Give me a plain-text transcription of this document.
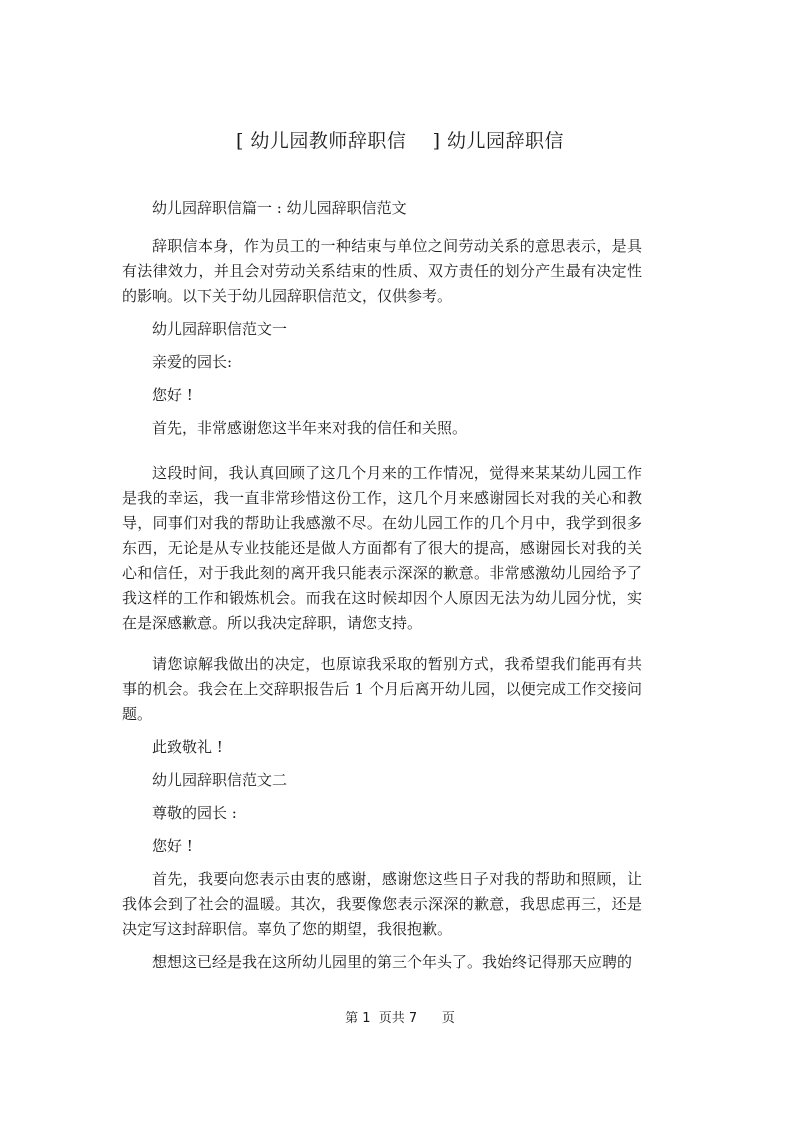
[ 幼儿园教师辞职信    ] 幼儿园辞职信

幼儿园辞职信篇一 : 幼儿园辞职信范文

辞职信本身，作为员工的一种结束与单位之间劳动关系的意思表示，是具有法律效力，并且会对劳动关系结束的性质、双方责任的划分产生最有决定性的影响。以下关于幼儿园辞职信范文，仅供参考。

幼儿园辞职信范文一

亲爱的园长:

您好 !

首先，非常感谢您这半年来对我的信任和关照。

这段时间，我认真回顾了这几个月来的工作情况，觉得来某某幼儿园工作是我的幸运，我一直非常珍惜这份工作，这几个月来感谢园长对我的关心和教导，同事们对我的帮助让我感激不尽。在幼儿园工作的几个月中，我学到很多东西，无论是从专业技能还是做人方面都有了很大的提高，感谢园长对我的关心和信任，对于我此刻的离开我只能表示深深的歉意。非常感激幼儿园给予了我这样的工作和锻炼机会。而我在这时候却因个人原因无法为幼儿园分忧，实在是深感歉意。所以我决定辞职，请您支持。

请您谅解我做出的决定，也原谅我采取的暂别方式，我希望我们能再有共事的机会。我会在上交辞职报告后 1 个月后离开幼儿园，以便完成工作交接问题。

此致敬礼 !

幼儿园辞职信范文二

尊敬的园长 :

您好 !

首先，我要向您表示由衷的感谢，感谢您这些日子对我的帮助和照顾，让我体会到了社会的温暖。其次，我要像您表示深深的歉意，我思虑再三，还是决定写这封辞职信。辜负了您的期望，我很抱歉。

想想这已经是我在这所幼儿园里的第三个年头了。我始终记得那天应聘的

第 1  页共 7      页
